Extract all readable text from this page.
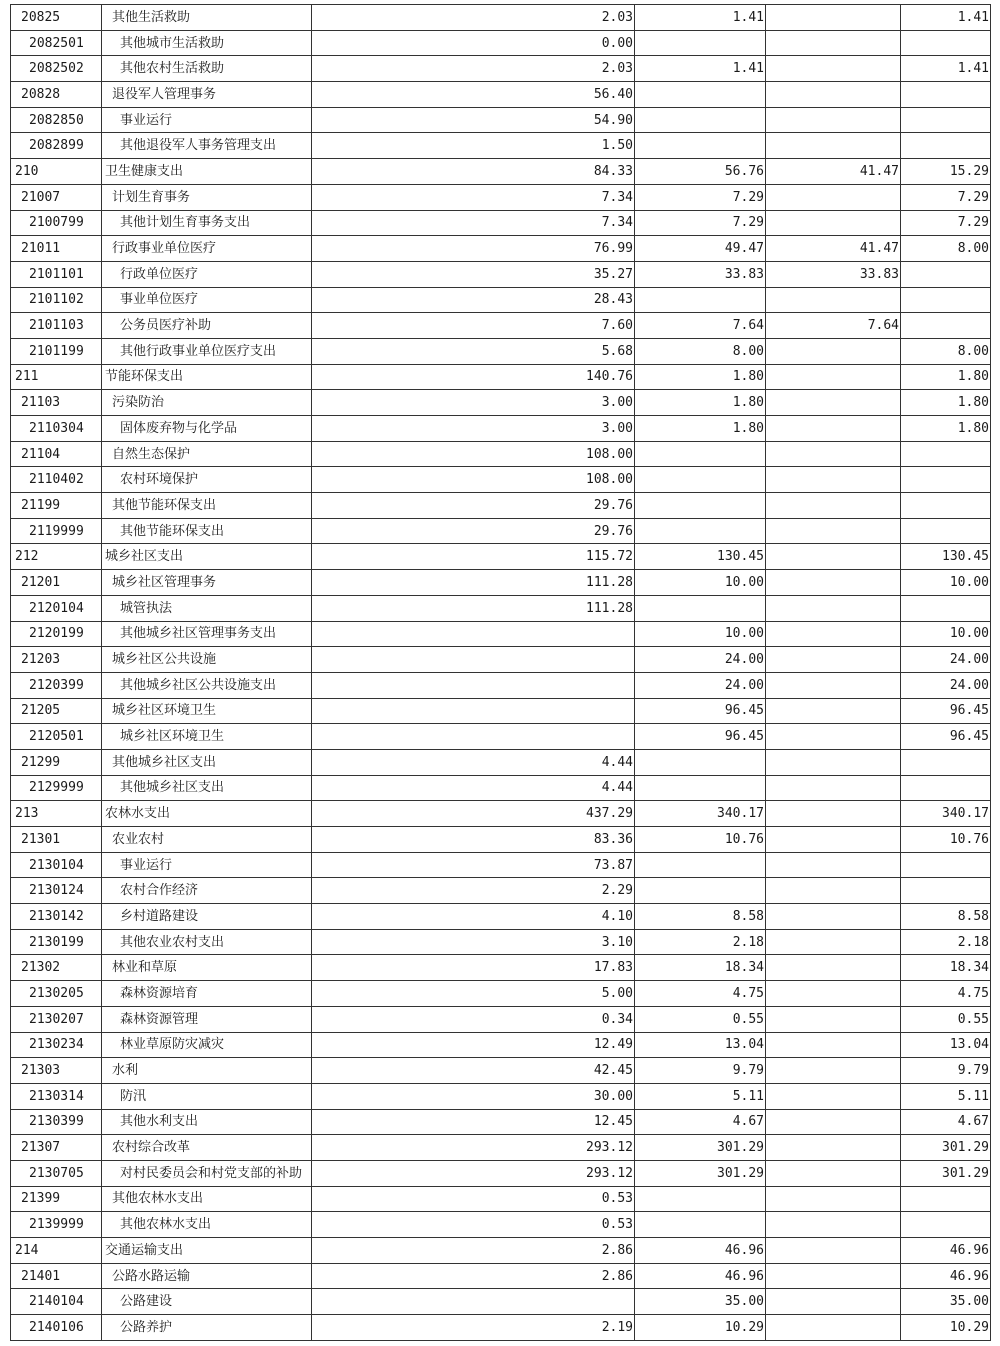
20825	其他生活救助	2.03	1.41		1.41
2082501	其他城市生活救助	0.00			
2082502	其他农村生活救助	2.03	1.41		1.41
20828	退役军人管理事务	56.40			
2082850	事业运行	54.90			
2082899	其他退役军人事务管理支出	1.50			
210	卫生健康支出	84.33	56.76	41.47	15.29
21007	计划生育事务	7.34	7.29		7.29
2100799	其他计划生育事务支出	7.34	7.29		7.29
21011	行政事业单位医疗	76.99	49.47	41.47	8.00
2101101	行政单位医疗	35.27	33.83	33.83	
2101102	事业单位医疗	28.43			
2101103	公务员医疗补助	7.60	7.64	7.64	
2101199	其他行政事业单位医疗支出	5.68	8.00		8.00
211	节能环保支出	140.76	1.80		1.80
21103	污染防治	3.00	1.80		1.80
2110304	固体废弃物与化学品	3.00	1.80		1.80
21104	自然生态保护	108.00			
2110402	农村环境保护	108.00			
21199	其他节能环保支出	29.76			
2119999	其他节能环保支出	29.76			
212	城乡社区支出	115.72	130.45		130.45
21201	城乡社区管理事务	111.28	10.00		10.00
2120104	城管执法	111.28			
2120199	其他城乡社区管理事务支出		10.00		10.00
21203	城乡社区公共设施		24.00		24.00
2120399	其他城乡社区公共设施支出		24.00		24.00
21205	城乡社区环境卫生		96.45		96.45
2120501	城乡社区环境卫生		96.45		96.45
21299	其他城乡社区支出	4.44			
2129999	其他城乡社区支出	4.44			
213	农林水支出	437.29	340.17		340.17
21301	农业农村	83.36	10.76		10.76
2130104	事业运行	73.87			
2130124	农村合作经济	2.29			
2130142	乡村道路建设	4.10	8.58		8.58
2130199	其他农业农村支出	3.10	2.18		2.18
21302	林业和草原	17.83	18.34		18.34
2130205	森林资源培育	5.00	4.75		4.75
2130207	森林资源管理	0.34	0.55		0.55
2130234	林业草原防灾减灾	12.49	13.04		13.04
21303	水利	42.45	9.79		9.79
2130314	防汛	30.00	5.11		5.11
2130399	其他水利支出	12.45	4.67		4.67
21307	农村综合改革	293.12	301.29		301.29
2130705	对村民委员会和村党支部的补助	293.12	301.29		301.29
21399	其他农林水支出	0.53			
2139999	其他农林水支出	0.53			
214	交通运输支出	2.86	46.96		46.96
21401	公路水路运输	2.86	46.96		46.96
2140104	公路建设		35.00		35.00
2140106	公路养护	2.19	10.29		10.29
